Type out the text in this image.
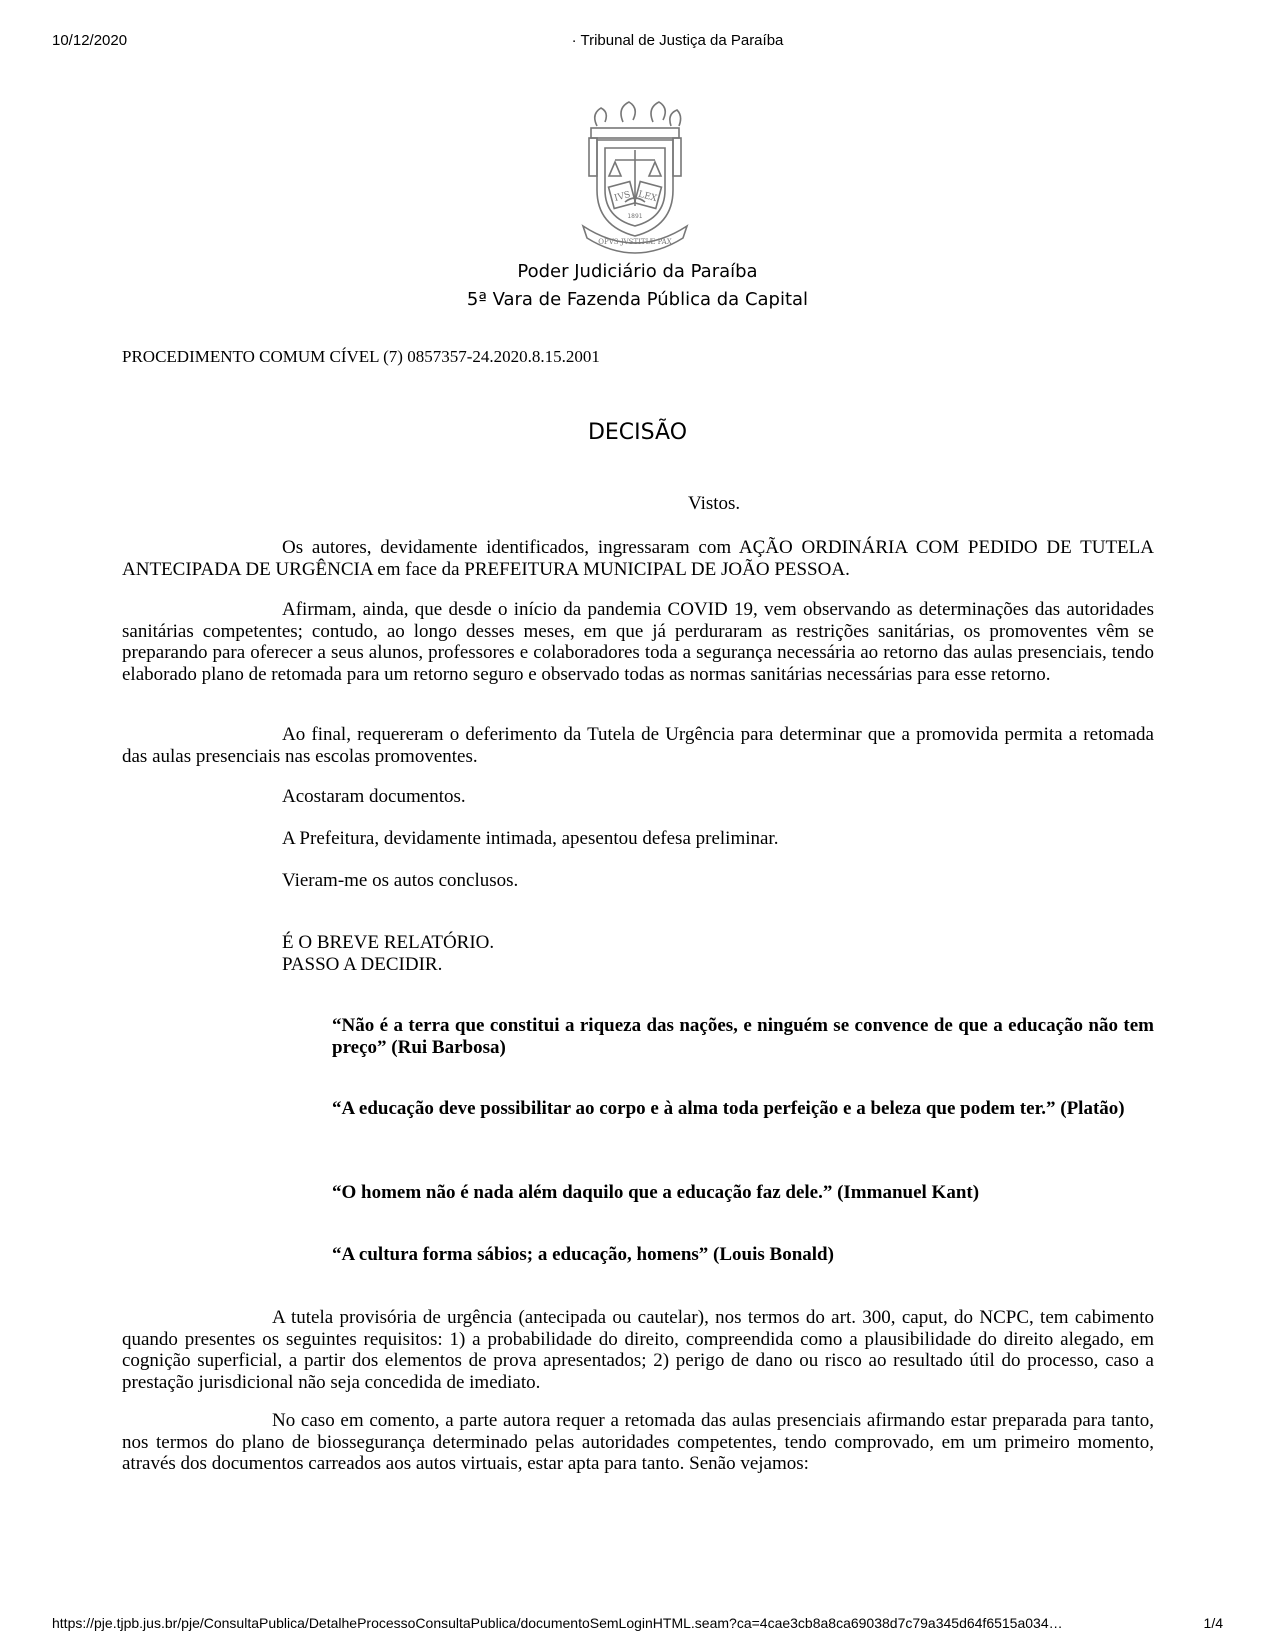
10/12/2020	· Tribunal de Justiça da Paraíba
IVS LEX
1891
OPVS JVSTITIÆ PAX
Poder Judiciário da Paraíba
5ª Vara de Fazenda Pública da Capital
PROCEDIMENTO COMUM CÍVEL (7) 0857357-24.2020.8.15.2001
DECISÃO

Vistos.

Os autores, devidamente identificados, ingressaram com AÇÃO ORDINÁRIA COM PEDIDO DE TUTELA ANTECIPADA DE URGÊNCIA em face da PREFEITURA MUNICIPAL DE JOÃO PESSOA.

Afirmam, ainda, que desde o início da pandemia COVID 19, vem observando as determinações das autoridades sanitárias competentes; contudo, ao longo desses meses, em que já perduraram as restrições sanitárias, os promoventes vêm se preparando para oferecer a seus alunos, professores e colaboradores toda a segurança necessária ao retorno das aulas presenciais, tendo elaborado plano de retomada para um retorno seguro e observado todas as normas sanitárias necessárias para esse retorno.

Ao final, requereram o deferimento da Tutela de Urgência para determinar que a promovida permita a retomada das aulas presenciais nas escolas promoventes.

Acostaram documentos.

A Prefeitura, devidamente intimada, apesentou defesa preliminar.

Vieram-me os autos conclusos.

É O BREVE RELATÓRIO.
PASSO A DECIDIR.

“Não é a terra que constitui a riqueza das nações, e ninguém se convence de que a educação não tem preço” (Rui Barbosa)

“A educação deve possibilitar ao corpo e à alma toda perfeição e a beleza que podem ter.” (Platão)

“O homem não é nada além daquilo que a educação faz dele.” (Immanuel Kant)

“A cultura forma sábios; a educação, homens” (Louis Bonald)

A tutela provisória de urgência (antecipada ou cautelar), nos termos do art. 300, caput, do NCPC, tem cabimento quando presentes os seguintes requisitos: 1) a probabilidade do direito, compreendida como a plausibilidade do direito alegado, em cognição superficial, a partir dos elementos de prova apresentados; 2) perigo de dano ou risco ao resultado útil do processo, caso a prestação jurisdicional não seja concedida de imediato.

No caso em comento, a parte autora requer a retomada das aulas presenciais afirmando estar preparada para tanto, nos termos do plano de biossegurança determinado pelas autoridades competentes, tendo comprovado, em um primeiro momento, através dos documentos carreados aos autos virtuais, estar apta para tanto. Senão vejamos:

https://pje.tjpb.jus.br/pje/ConsultaPublica/DetalheProcessoConsultaPublica/documentoSemLoginHTML.seam?ca=4cae3cb8a8ca69038d7c79a345d64f6515a034…	1/4
